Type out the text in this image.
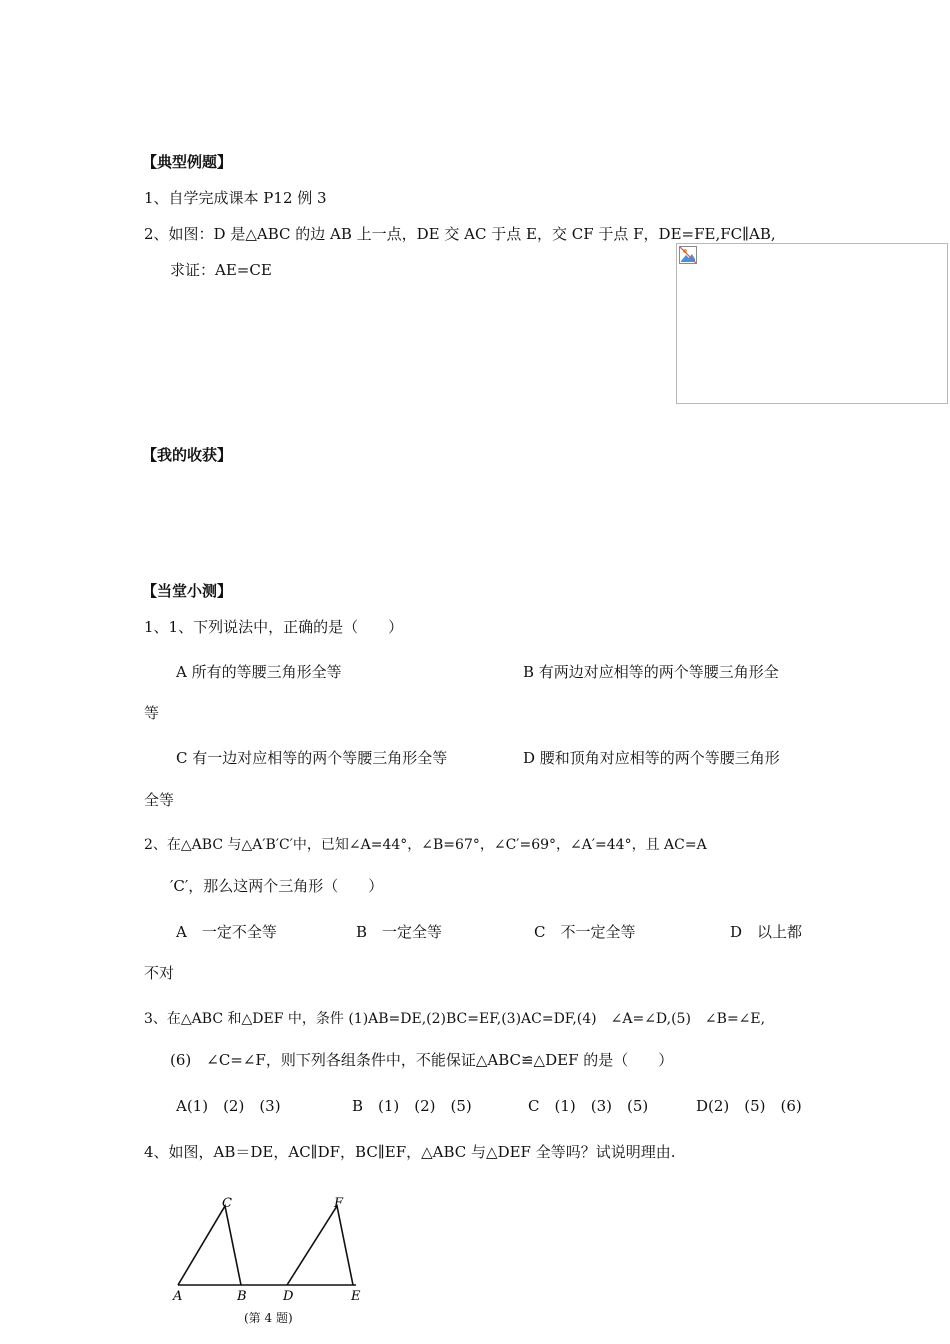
【典型例题】
1、自学完成课本 P12 例 3
2、如图：D 是△ABC 的边 AB 上一点，DE 交 AC 于点 E，交 CF 于点 F，DE=FE,FC∥AB,
求证：AE=CE
【我的收获】
【当堂小测】
1、1、下列说法中，正确的是（　　）
A 所有的等腰三角形全等	B 有两边对应相等的两个等腰三角形全
等
C 有一边对应相等的两个等腰三角形全等	D 腰和顶角对应相等的两个等腰三角形
全等
2、在△ABC 与△A′B′C′中，已知∠A=44°，∠B=67°，∠C′=69°，∠A′=44°，且 AC=A
′C′，那么这两个三角形（　　）
A　一定不全等	B　一定全等	C　不一定全等	D　以上都
不对
3、在△ABC 和△DEF 中，条件 (1)AB=DE,(2)BC=EF,(3)AC=DF,(4)　∠A=∠D,(5)　∠B=∠E,
(6)　∠C=∠F，则下列各组条件中，不能保证△ABC≌△DEF 的是（　　）
A(1)　(2)　(3)	B　(1)　(2)　(5)	C　(1)　(3)　(5)	D(2)　(5)　(6)
4、如图，AB＝DE，AC∥DF，BC∥EF，△ABC 与△DEF 全等吗？试说明理由.
C	F
A	B	D	E
(第 4 题)
